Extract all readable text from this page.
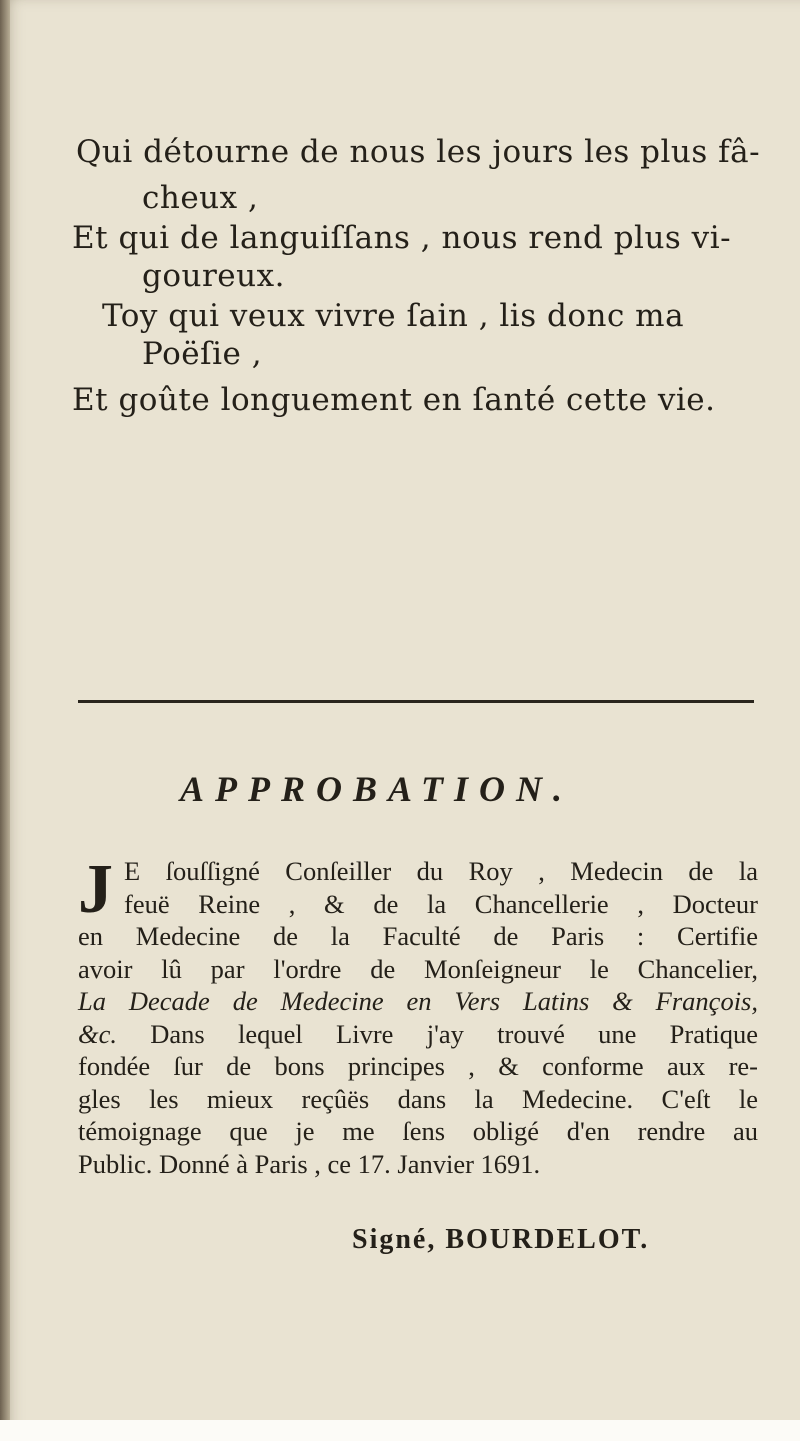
Qui détourne de nous les jours les plus fâ-
cheux ,
Et qui de languiſſans , nous rend plus vi-
goureux.
Toy qui veux vivre ſain , lis donc ma
Poëſie ,
Et goûte longuement en ſanté cette vie.
APPROBATION.
J E ſouſſigné Conſeiller du Roy , Medecin de la
feuë Reine , & de la Chancellerie , Docteur
en Medecine de la Faculté de Paris : Certifie
avoir lû par l'ordre de Monſeigneur le Chancelier,
La Decade de Medecine en Vers Latins & François,
&c. Dans lequel Livre j'ay trouvé une Pratique
fondée ſur de bons principes , & conforme aux re-
gles les mieux reçûës dans la Medecine. C'eſt le
témoignage que je me ſens obligé d'en rendre au
Public. Donné à Paris , ce 17. Janvier 1691.
Signé, BOURDELOT.
